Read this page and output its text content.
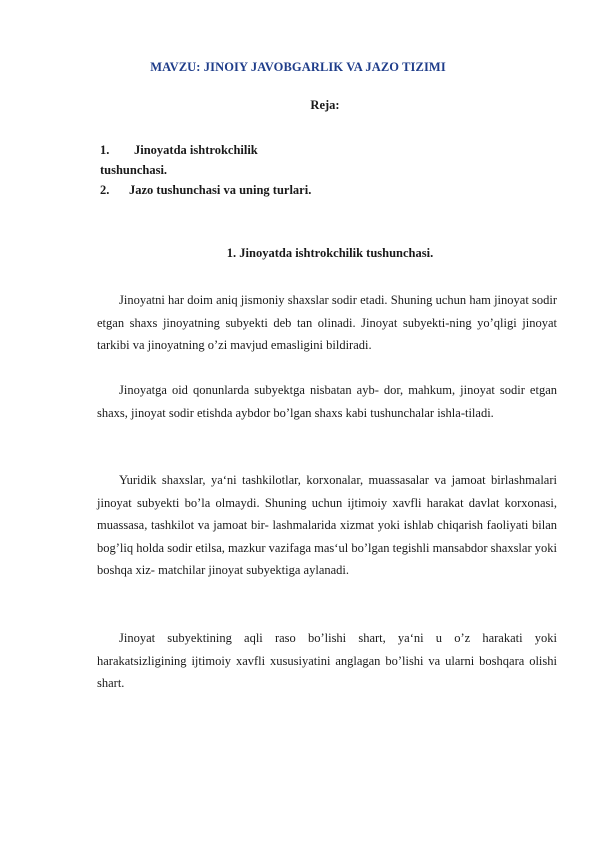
MAVZU: JINOIY JAVOBGARLIK VA JAZO TIZIMI
Reja:
1. Jinoyatda ishtrokchilik
tushunchasi.
2. Jazo tushunchasi va uning turlari.
1. Jinoyatda ishtrokchilik tushunchasi.

Jinoyatni har doim aniq jismoniy shaxslar sodir etadi. Shuning uchun ham jinoyat sodir etgan shaxs jinoyatning subyekti deb tan olinadi. Jinoyat subyekti-ning yo’qligi jinoyat tarkibi va jinoyatning o’zi mavjud emasligini bildiradi.

Jinoyatga oid qonunlarda subyektga nisbatan ayb- dor, mahkum, jinoyat sodir etgan shaxs, jinoyat sodir etishda aybdor bo’lgan shaxs kabi tushunchalar ishla-tiladi.

Yuridik shaxslar, ya‘ni tashkilotlar, korxonalar, muassasalar va jamoat birlashmalari jinoyat subyekti bo’la olmaydi. Shuning uchun ijtimoiy xavfli harakat davlat korxonasi, muassasa, tashkilot va jamoat bir- lashmalarida xizmat yoki ishlab chiqarish faoliyati bilan bog’liq holda sodir etilsa, mazkur vazifaga mas‘ul bo’lgan tegishli mansabdor shaxslar yoki boshqa xiz- matchilar jinoyat subyektiga aylanadi.

Jinoyat subyektining aqli raso bo’lishi shart, ya‘ni u o’z harakati yoki harakatsizligining ijtimoiy xavfli xususiyatini anglagan bo’lishi va ularni boshqara olishi shart.
